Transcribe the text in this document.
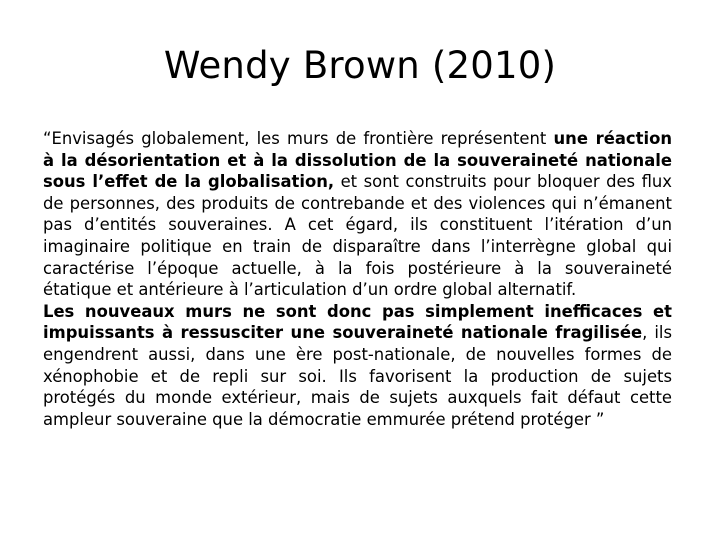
Wendy Brown (2010)

“Envisagés globalement, les murs de frontière représentent une réaction à la désorientation et à la dissolution de la souveraineté nationale sous l’effet de la globalisation, et sont construits pour bloquer des flux de personnes, des produits de contrebande et des violences qui n’émanent pas d’entités souveraines. A cet égard, ils constituent l’itération d’un imaginaire politique en train de disparaître dans l’interrègne global qui caractérise l’époque actuelle, à la fois postérieure à la souveraineté étatique et antérieure à l’articulation d’un ordre global alternatif.

Les nouveaux murs ne sont donc pas simplement inefficaces et impuissants à ressusciter une souveraineté nationale fragilisée, ils engendrent aussi, dans une ère post-nationale, de nouvelles formes de xénophobie et de repli sur soi. Ils favorisent la production de sujets protégés du monde extérieur, mais de sujets auxquels fait défaut cette ampleur souveraine que la démocratie emmurée prétend protéger ”
